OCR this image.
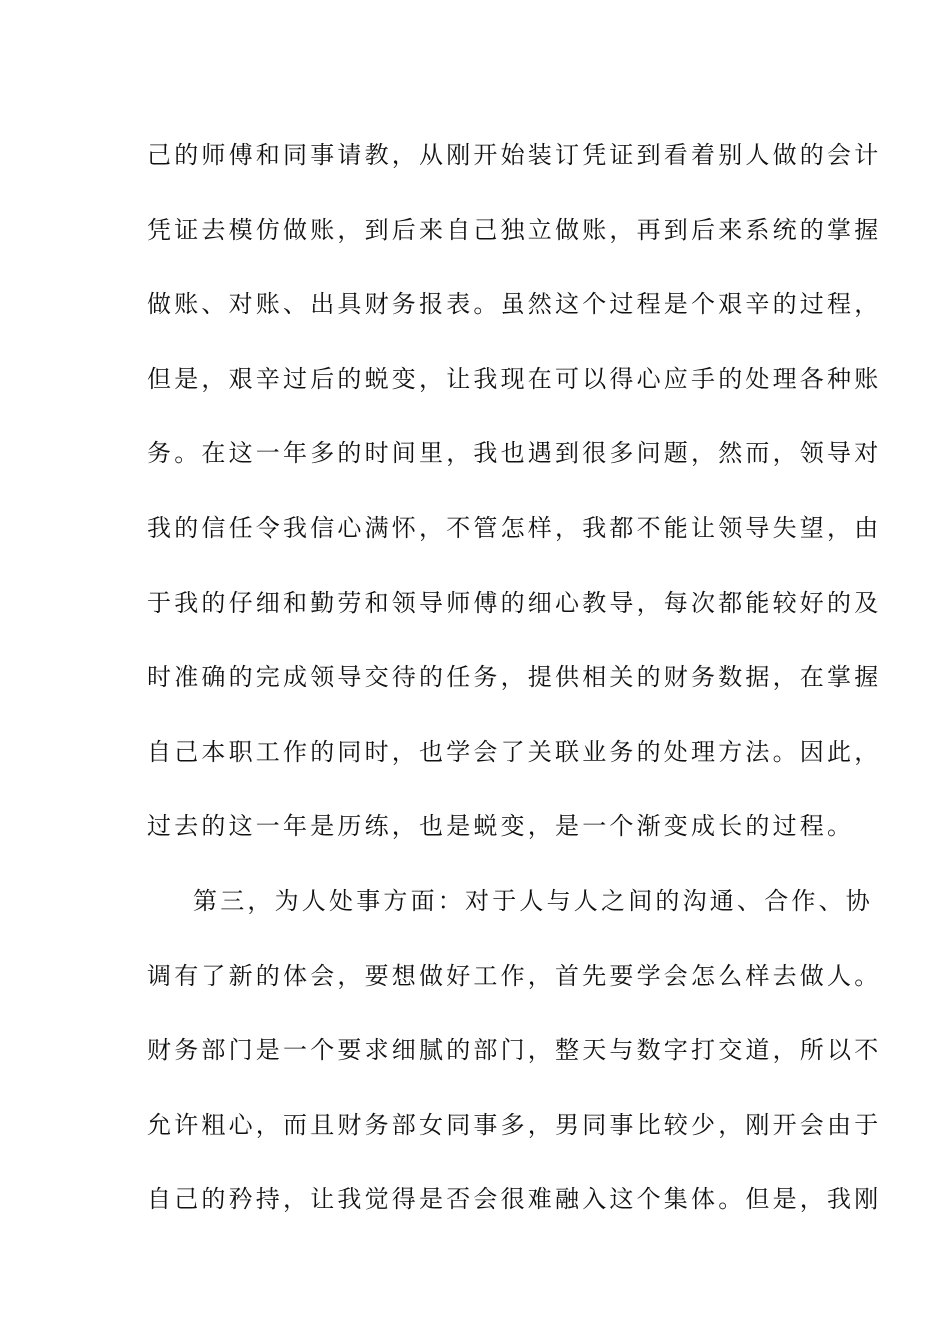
己的师傅和同事请教，从刚开始装订凭证到看着别人做的会计
凭证去模仿做账，到后来自己独立做账，再到后来系统的掌握
做账、对账、出具财务报表。虽然这个过程是个艰辛的过程，
但是，艰辛过后的蜕变，让我现在可以得心应手的处理各种账
务。在这一年多的时间里，我也遇到很多问题，然而，领导对
我的信任令我信心满怀，不管怎样，我都不能让领导失望，由
于我的仔细和勤劳和领导师傅的细心教导，每次都能较好的及
时准确的完成领导交待的任务，提供相关的财务数据，在掌握
自己本职工作的同时，也学会了关联业务的处理方法。因此，
过去的这一年是历练，也是蜕变，是一个渐变成长的过程。
第三，为人处事方面：对于人与人之间的沟通、合作、协
调有了新的体会，要想做好工作，首先要学会怎么样去做人。
财务部门是一个要求细腻的部门，整天与数字打交道，所以不
允许粗心，而且财务部女同事多，男同事比较少，刚开会由于
自己的矜持，让我觉得是否会很难融入这个集体。但是，我刚
